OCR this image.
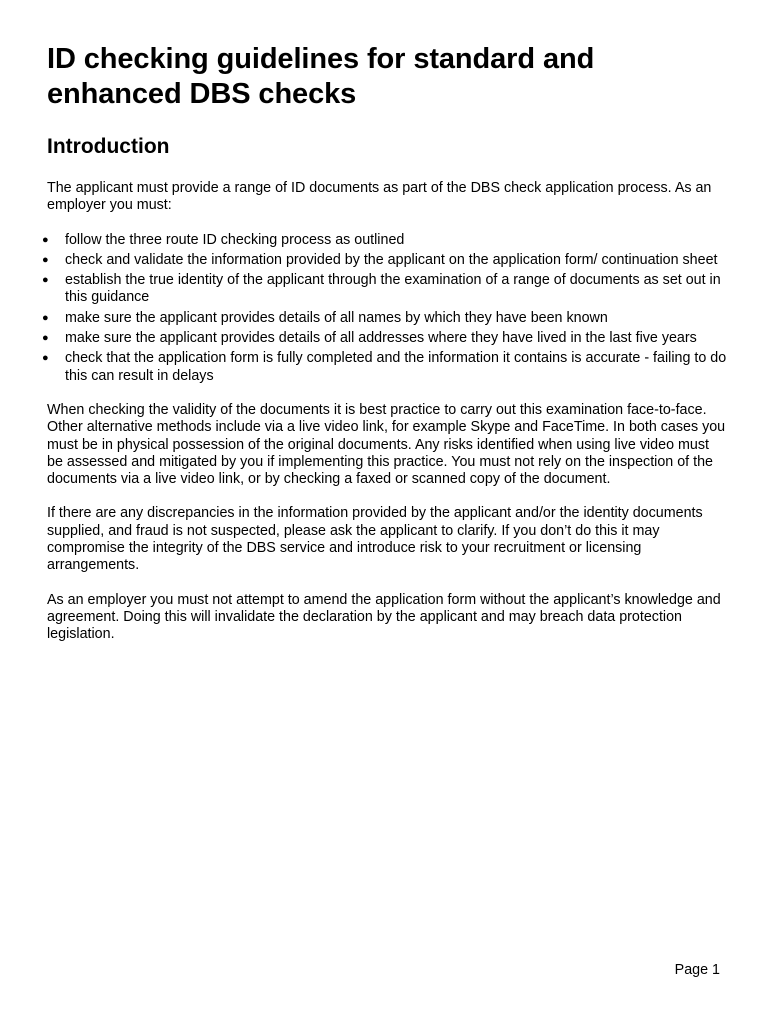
ID checking guidelines for standard and enhanced DBS checks
Introduction

The applicant must provide a range of ID documents as part of the DBS check application process. As an employer you must:

● follow the three route ID checking process as outlined
● check and validate the information provided by the applicant on the application form/ continuation sheet
● establish the true identity of the applicant through the examination of a range of documents as set out in this guidance
● make sure the applicant provides details of all names by which they have been known
● make sure the applicant provides details of all addresses where they have lived in the last five years
● check that the application form is fully completed and the information it contains is accurate - failing to do this can result in delays

When checking the validity of the documents it is best practice to carry out this examination face-to-face. Other alternative methods include via a live video link, for example Skype and FaceTime. In both cases you must be in physical possession of the original documents. Any risks identified when using live video must be assessed and mitigated by you if implementing this practice. You must not rely on the inspection of the documents via a live video link, or by checking a faxed or scanned copy of the document.

If there are any discrepancies in the information provided by the applicant and/or the identity documents supplied, and fraud is not suspected, please ask the applicant to clarify. If you don’t do this it may compromise the integrity of the DBS service and introduce risk to your recruitment or licensing arrangements.

As an employer you must not attempt to amend the application form without the applicant’s knowledge and agreement. Doing this will invalidate the declaration by the applicant and may breach data protection legislation.

Page 1
